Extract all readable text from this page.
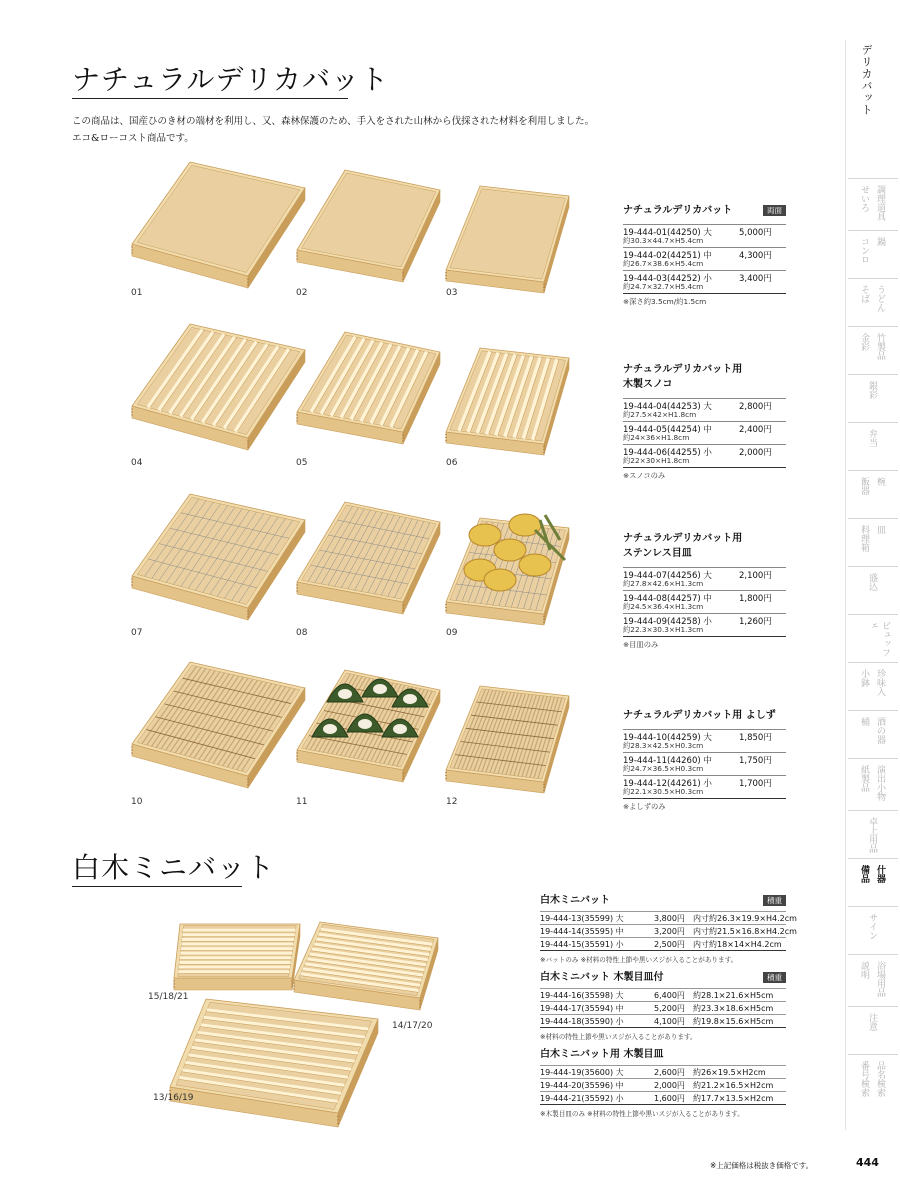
ナチュラルデリカバット
この商品は、国産ひのき材の端材を利用し、又、森林保護のため、手入をされた山林から伐採された材料を利用しました。
エコ&ローコスト商品です。
01	02	03
04	05	06
07	08	09
10	11	12
ナチュラルデリカバット	両面
19-444-01(44250) 大
約30.3×44.7×H5.4cm
5,000円
19-444-02(44251) 中
約26.7×38.6×H5.4cm
4,300円
19-444-03(44252) 小
約24.7×32.7×H5.4cm
3,400円
※深さ約3.5cm/約1.5cm
ナチュラルデリカバット用
木製スノコ
19-444-04(44253) 大
約27.5×42×H1.8cm
2,800円
19-444-05(44254) 中
約24×36×H1.8cm
2,400円
19-444-06(44255) 小
約22×30×H1.8cm
2,000円
※スノコのみ
ナチュラルデリカバット用
ステンレス目皿
19-444-07(44256) 大
約27.8×42.6×H1.3cm
2,100円
19-444-08(44257) 中
約24.5×36.4×H1.3cm
1,800円
19-444-09(44258) 小
約22.3×30.3×H1.3cm
1,260円
※目皿のみ
ナチュラルデリカバット用 よしず
19-444-10(44259) 大
約28.3×42.5×H0.3cm
1,850円
19-444-11(44260) 中
約24.7×36.5×H0.3cm
1,750円
19-444-12(44261) 小
約22.1×30.5×H0.3cm
1,700円
※よしずのみ
白木ミニバット
15/18/21
14/17/20
13/16/19
白木ミニバット	積重
19-444-13(35599) 大	3,800円 内寸約26.3×19.9×H4.2cm
19-444-14(35595) 中	3,200円 内寸約21.5×16.8×H4.2cm
19-444-15(35591) 小	2,500円 内寸約18×14×H4.2cm
※バットのみ ※材料の特性上節や黒いスジが入ることがあります。
白木ミニバット 木製目皿付	積重
19-444-16(35598) 大	6,400円 約28.1×21.6×H5cm
19-444-17(35594) 中	5,200円 約23.3×18.6×H5cm
19-444-18(35590) 小	4,100円 約19.8×15.6×H5cm
※材料の特性上節や黒いスジが入ることがあります。
白木ミニバット用 木製目皿
19-444-19(35600) 大	2,600円 約26×19.5×H2cm
19-444-20(35596) 中	2,000円 約21.2×16.5×H2cm
19-444-21(35592) 小	1,600円 約17.7×13.5×H2cm
※木製目皿のみ ※材料の特性上節や黒いスジが入ることがあります。
デリカバット
調理道具
せいろ
鍋
コンロ
うどん
そば
竹製品
金彩
銀彩
弁当
椀
飯器
皿
料理箱
盛込
ビュッフェ
珍味入
小鉢
酒の器
桶
演出小物
紙製品
卓上用品
什器
備品
サイン
浴場用品
説明
注意
品名検索
番号検索
※上記価格は税抜き価格です。	444
